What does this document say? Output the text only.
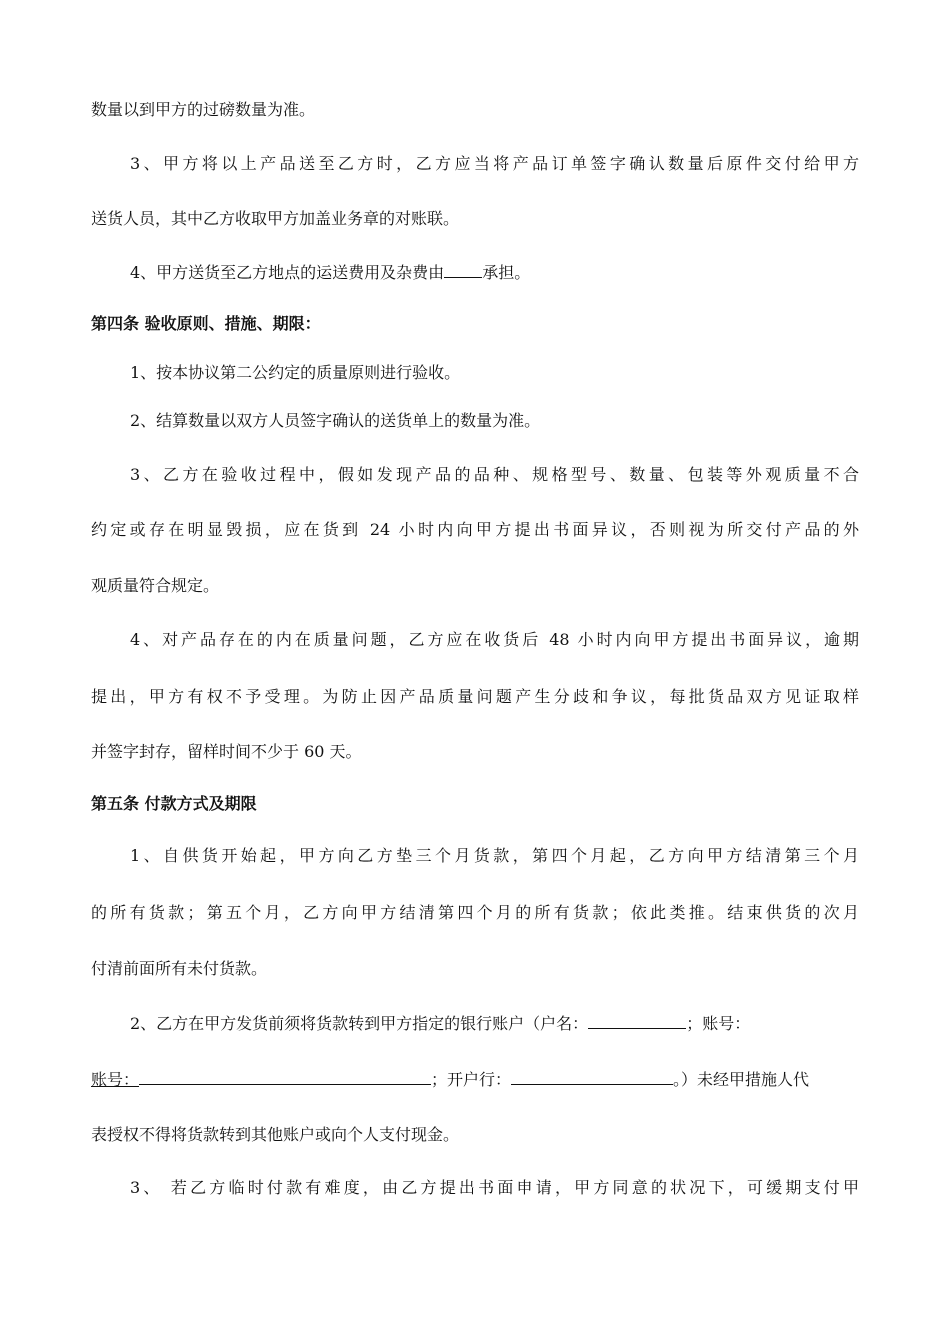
数量以到甲方的过磅数量为准。
3、甲方将以上产品送至乙方时，乙方应当将产品订单签字确认数量后原件交付给甲方
送货人员，其中乙方收取甲方加盖业务章的对账联。
4、甲方送货至乙方地点的运送费用及杂费由 承担。
第四条 验收原则、措施、期限：
1、按本协议第二公约定的质量原则进行验收。
2、结算数量以双方人员签字确认的送货单上的数量为准。
3、乙方在验收过程中，假如发现产品的品种、规格型号、数量、包装等外观质量不合
约定或存在明显毁损，应在货到 24 小时内向甲方提出书面异议，否则视为所交付产品的外
观质量符合规定。
4、对产品存在的内在质量问题，乙方应在收货后 48 小时内向甲方提出书面异议，逾期
提出，甲方有权不予受理。为防止因产品质量问题产生分歧和争议，每批货品双方见证取样
并签字封存，留样时间不少于 60 天。
第五条 付款方式及期限
1、自供货开始起，甲方向乙方垫三个月货款，第四个月起，乙方向甲方结清第三个月
的所有货款；第五个月，乙方向甲方结清第四个月的所有货款；依此类推。结束供货的次月
付清前面所有未付货款。
2、乙方在甲方发货前须将货款转到甲方指定的银行账户（户名：	；账号：
账号：	；开户行：	。）未经甲措施人代
表授权不得将货款转到其他账户或向个人支付现金。
3、 若乙方临时付款有难度，由乙方提出书面申请，甲方同意的状况下，可缓期支付甲
